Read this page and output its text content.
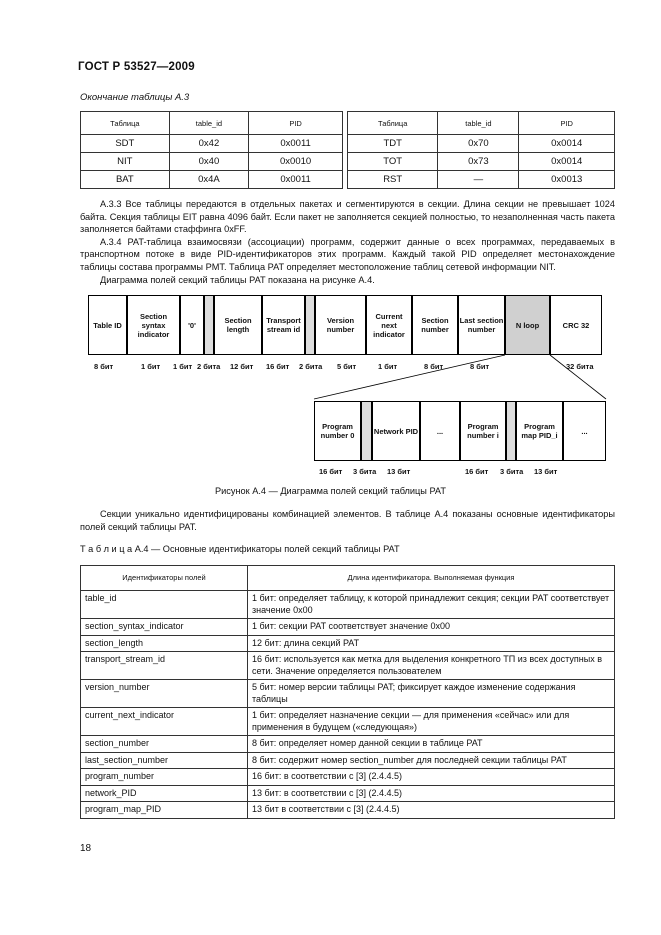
ГОСТ Р 53527—2009
Окончание таблицы А.3
Таблица	table_id	PID
SDT	0x42	0x0011
NIT	0x40	0x0010
BAT	0x4A	0x0011
Таблица	table_id	PID
TDT	0x70	0x0014
TOT	0x73	0x0014
RST	—	0x0013

А.3.3 Все таблицы передаются в отдельных пакетах и сегментируются в секции. Длина секции не превышает 1024 байта. Секция таблицы EIT равна 4096 байт. Если пакет не заполняется секцией полностью, то незаполненная часть пакета заполняется байтами стаффинга 0xFF.

А.3.4 PAT-таблица взаимосвязи (ассоциации) программ, содержит данные о всех программах, передаваемых в транспортном потоке в виде PID-идентификаторов этих программ. Каждый такой PID определяет местонахождение таблицы состава программы PMT. Таблица PAT определяет местоположение таблиц сетевой информации NIT.

Диаграмма полей секций таблицы PAT показана на рисунке А.4.

Table ID
Section syntax indicator
'0'	Section length
Transport stream id
Version number
Current next indicator
Section number
Last section number	N loop	CRC 32
8 бит	1 бит 1 бит 2 бита 12 бит 16 бит 2 бита 5 бит	1 бит	8 бит	8 бит	32 бита
Program number 0	Network PID	...	Program number i
Program map PID_i	...
16 бит 3 бита 13 бит	16 бит 3 бита 13 бит
Рисунок А.4 — Диаграмма полей секций таблицы PAT

Секции уникально идентифицированы комбинацией элементов. В таблице А.4 показаны основные идентификаторы полей секций таблицы PAT.

Т а б л и ц а А.4 — Основные идентификаторы полей секций таблицы PAT
Идентификаторы полей	Длина идентификатора. Выполняемая функция
table_id	1 бит: определяет таблицу, к которой принадлежит секция; секции PAT соответствует значение 0x00
section_syntax_indicator	1 бит: секции PAT соответствует значение 0x00
section_length	12 бит: длина секций PAT
transport_stream_id	16 бит: используется как метка для выделения конкретного ТП из всех доступных в сети. Значение определяется пользователем
version_number	5 бит: номер версии таблицы PAT; фиксирует каждое изменение содержания таблицы
current_next_indicator	1 бит: определяет назначение секции — для применения «сейчас» или для применения в будущем («следующая»)
section_number	8 бит: определяет номер данной секции в таблице PAT
last_section_number	8 бит: содержит номер section_number для последней секции таблицы PAT
program_number	16 бит: в соответствии с [3] (2.4.4.5)
network_PID	13 бит: в соответствии с [3] (2.4.4.5)
program_map_PID	13 бит в соответствии с [3] (2.4.4.5)
18
